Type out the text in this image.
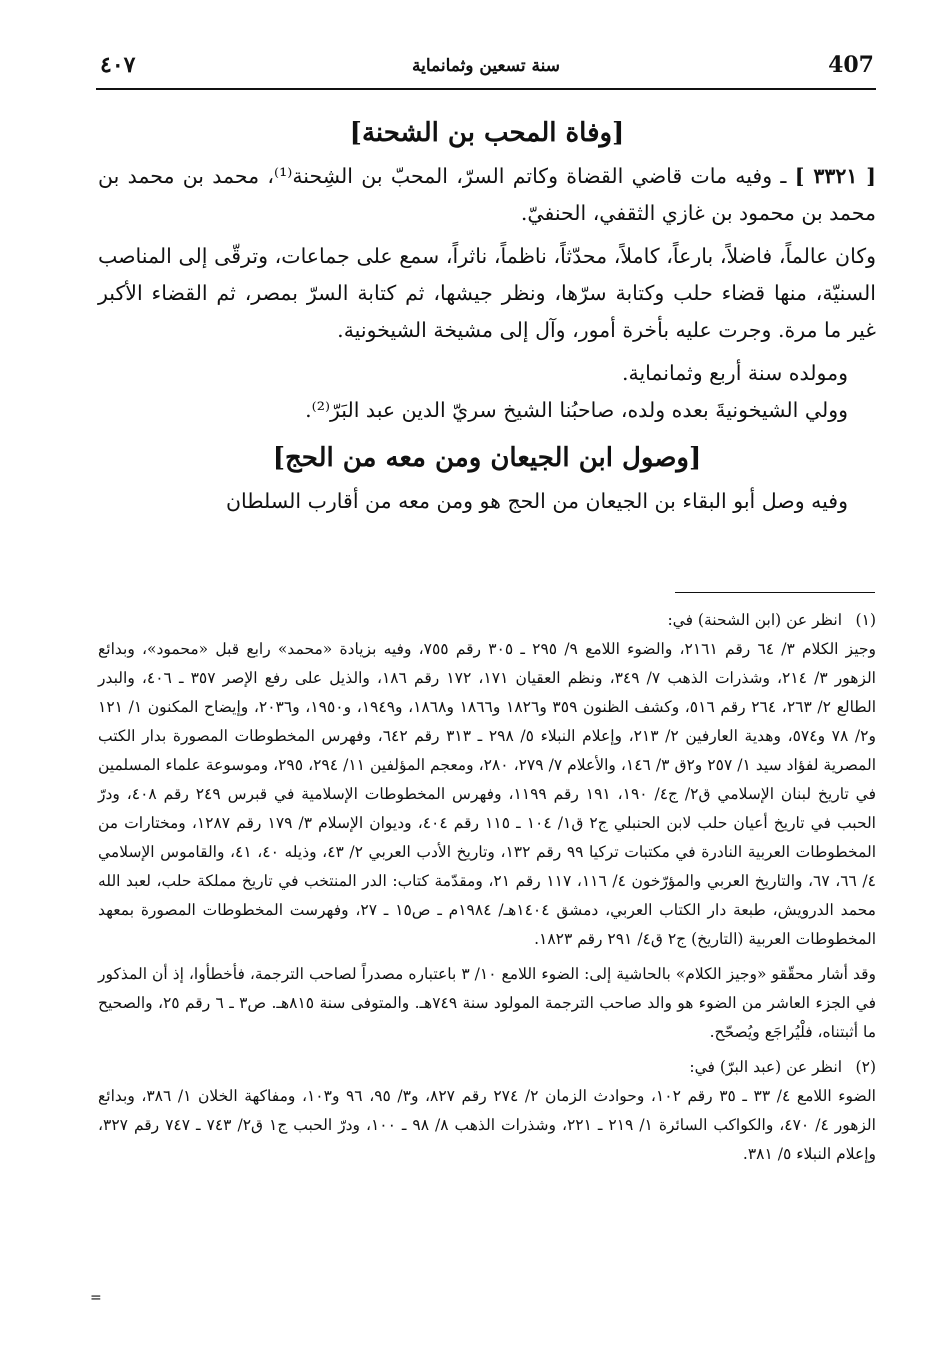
407
سنة تسعين وثمانماية
٤٠٧
[وفاة المحب بن الشحنة]

[ ٣٣٢١ ] ـ وفيه مات قاضي القضاة وكاتم السرّ، المحبّ بن الشِحنة⁽¹⁾، محمد بن محمد بن محمد بن محمود بن غازي الثقفي، الحنفيّ.

وكان عالماً، فاضلاً، بارعاً، كاملاً، محدّثاً، ناظماً، ناثراً، سمع على جماعات، وترقّى إلى المناصب السنيّة، منها قضاء حلب وكتابة سرّها، ونظر جيشها، ثم كتابة السرّ بمصر، ثم القضاء الأكبر غير ما مرة. وجرت عليه بأخرة أمور، وآل إلى مشيخة الشيخونية.

ومولده سنة أربع وثمانماية.

وولي الشيخونيةَ بعده ولده، صاحبُنا الشيخ سريّ الدين عبد البَرّ⁽²⁾.

[وصول ابن الجيعان ومن معه من الحج]

وفيه وصل أبو البقاء بن الجيعان من الحج هو ومن معه من أقارب السلطان

(١)انظر عن (ابن الشحنة) في:

وجيز الكلام ٣/ ٦٤ رقم ٢١٦١، والضوء اللامع ٩/ ٢٩٥ ـ ٣٠٥ رقم ٧٥٥، وفيه بزيادة «محمد» رابع قبل «محمود»، وبدائع الزهور ٣/ ٢١٤، وشذرات الذهب ٧/ ٣٤٩، ونظم العقيان ١٧١، ١٧٢ رقم ١٨٦، والذيل على رفع الإصر ٣٥٧ ـ ٤٠٦، والبدر الطالع ٢/ ٢٦٣، ٢٦٤ رقم ٥١٦، وكشف الظنون ٣٥٩ و١٨٢٦ و١٨٦٦ و١٨٦٨، و١٩٤٩، و١٩٥٠، و٢٠٣٦، وإيضاح المكنون ١/ ١٢١ و٢/ ٧٨ و٥٧٤، وهدية العارفين ٢/ ٢١٣، وإعلام النبلاء ٥/ ٢٩٨ ـ ٣١٣ رقم ٦٤٢، وفهرس المخطوطات المصورة بدار الكتب المصرية لفؤاد سيد ١/ ٢٥٧ و٢ق ٣/ ١٤٦، والأعلام ٧/ ٢٧٩، ٢٨٠، ومعجم المؤلفين ١١/ ٢٩٤، ٢٩٥، وموسوعة علماء المسلمين في تاريخ لبنان الإسلامي ق٢/ ج٤/ ١٩٠، ١٩١ رقم ١١٩٩، وفهرس المخطوطات الإسلامية في قبرس ٢٤٩ رقم ٤٠٨، ودرّ الحبب في تاريخ أعيان حلب لابن الحنبلي ج٢ ق١/ ١٠٤ ـ ١١٥ رقم ٤٠٤، وديوان الإسلام ٣/ ١٧٩ رقم ١٢٨٧، ومختارات من المخطوطات العربية النادرة في مكتبات تركيا ٩٩ رقم ١٣٢، وتاريخ الأدب العربي ٢/ ٤٣، وذيله ٤٠، ٤١، والقاموس الإسلامي ٤/ ٦٦، ٦٧، والتاريخ العربي والمؤرّخون ٤/ ١١٦، ١١٧ رقم ٢١، ومقدّمة كتاب: الدر المنتخب في تاريخ مملكة حلب، لعبد الله محمد الدرويش، طبعة دار الكتاب العربي، دمشق ١٤٠٤هـ/ ١٩٨٤م ـ ص١٥ ـ ٢٧، وفهرست المخطوطات المصورة بمعهد المخطوطات العربية (التاريخ) ج٢ ق٤/ ٢٩١ رقم ١٨٢٣.

وقد أشار محقّقو «وجيز الكلام» بالحاشية إلى: الضوء اللامع ١٠/ ٣ باعتباره مصدراً لصاحب الترجمة، فأخطأوا، إذ أن المذكور في الجزء العاشر من الضوء هو والد صاحب الترجمة المولود سنة ٧٤٩هـ. والمتوفى سنة ٨١٥هـ. ص٣ ـ ٦ رقم ٢٥، والصحيح ما أثبتناه، فلْيُراجَع ويُصحّح.

(٢)انظر عن (عبد البرّ) في:

الضوء اللامع ٤/ ٣٣ ـ ٣٥ رقم ١٠٢، وحوادث الزمان ٢/ ٢٧٤ رقم ٨٢٧، و٣/ ٩٥، ٩٦ و١٠٣، ومفاكهة الخلان ١/ ٣٨٦، وبدائع الزهور ٤/ ٤٧٠، والكواكب السائرة ١/ ٢١٩ ـ ٢٢١، وشذرات الذهب ٨/ ٩٨ ـ ١٠٠، ودرّ الحبب ج١ ق٢/ ٧٤٣ ـ ٧٤٧ رقم ٣٢٧، وإعلام النبلاء ٥/ ٣٨١.

=
